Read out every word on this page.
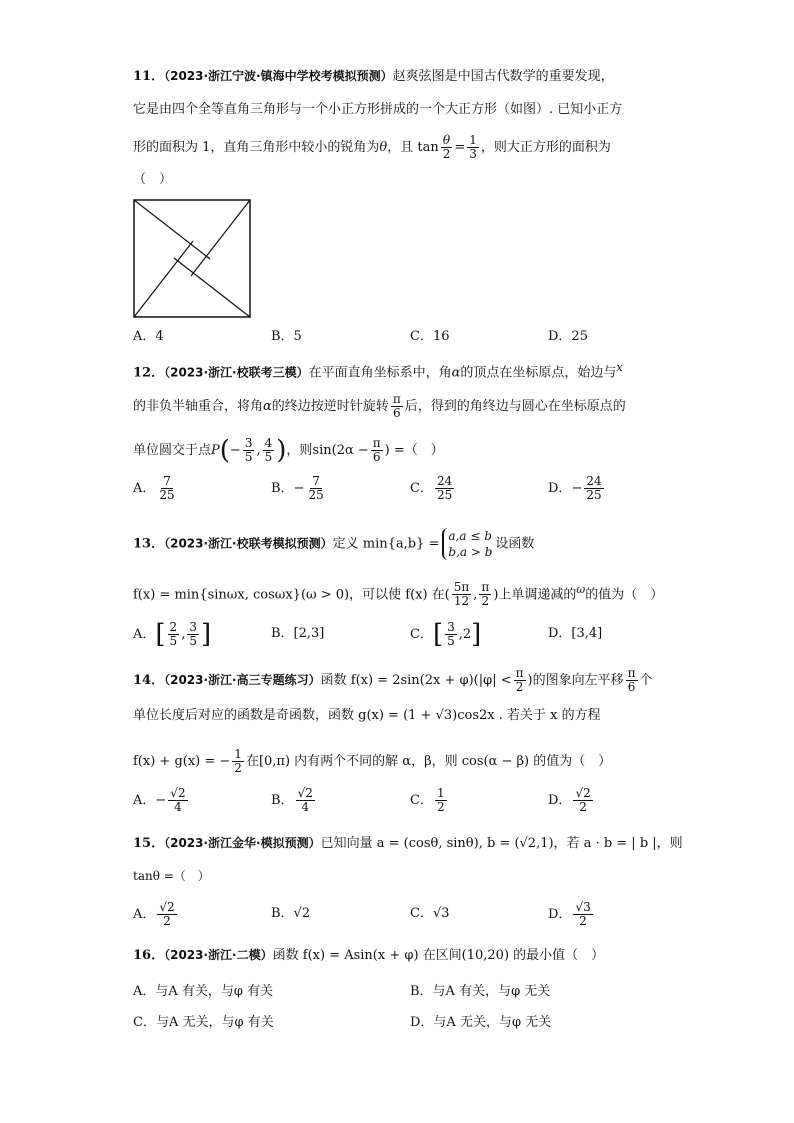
11．（2023·浙江宁波·镇海中学校考模拟预测）赵爽弦图是中国古代数学的重要发现，
它是由四个全等直角三角形与一个小正方形拼成的一个大正方形（如图）. 已知小正方
形的面积为 1，直角三角形中较小的锐角为θ，且 $\tan \frac{\theta}{2} = \frac{1}{3}$ ，则大正方形的面积为
（　）
A．4	B．5	C．16	D．25
12．（2023·浙江·校联考三模）在平面直角坐标系中，角α的顶点在坐标原点，始边与$^x$
的非负半轴重合，将角α的终边按逆时针旋转 $\frac{\pi}{6}$ 后，得到的角终边与圆心在坐标原点的
单位圆交于点$P(- \frac{3}{5}$ , $\frac{4}{5}$ )，则$\sin(2\alpha - \frac{\pi}{6}$ ) =（　）
A． $\frac{7}{25}$	B．− $\frac{7}{25}$	C． $\frac{24}{25}$	D．− $\frac{24}{25}$
13．（2023·浙江·校联考模拟预测）定义 min{a,b} =
a,a ≤ b
b,a > b
设函数
f(x) = min{sinωx, cosωx}(ω > 0)，可以使 f(x) 在( $\frac{5\pi}{12}$ , $\frac{\pi}{2}$ )上单调递减的$^\omega$的值为（　）
A．[ $\frac{2}{5}$ , $\frac{3}{5}$ ]	B．[2,3]	C．[ $\frac{3}{5} ,2$]	D．[3,4]
14．（2023·浙江·高三专题练习）函数 $f(x) = 2\sin(2x + \varphi)(|\varphi| < \frac{\pi}{2}$ )的图象向左平移 $\frac{\pi}{6}$ 个
单位长度后对应的函数是奇函数，函数 g(x) = (1 + √3)cos2x . 若关于 x 的方程
f(x) + g(x) = − $\frac{1}{2}$ 在[0,π) 内有两个不同的解 α，β，则 cos(α − β) 的值为（　）
A．− $\frac{√2}{4}$	B． $\frac{√2}{4}$	C． $\frac{1}{2}$	D． $\frac{√2}{2}$
15．（2023·浙江金华·模拟预测）已知向量 a = (cosθ, sinθ), b = (√2,1)，若 a · b = | b |，则
tanθ =（　）
A． $\frac{√2}{2}$	B．√2	C．√3	D． $\frac{√3}{2}$
16．（2023·浙江·二模）函数 f(x) = Asin(x + φ) 在区间(10,20) 的最小值（　）
A．与A 有关，与φ 有关	B．与A 有关，与φ 无关
C．与A 无关，与φ 有关	D．与A 无关，与φ 无关
